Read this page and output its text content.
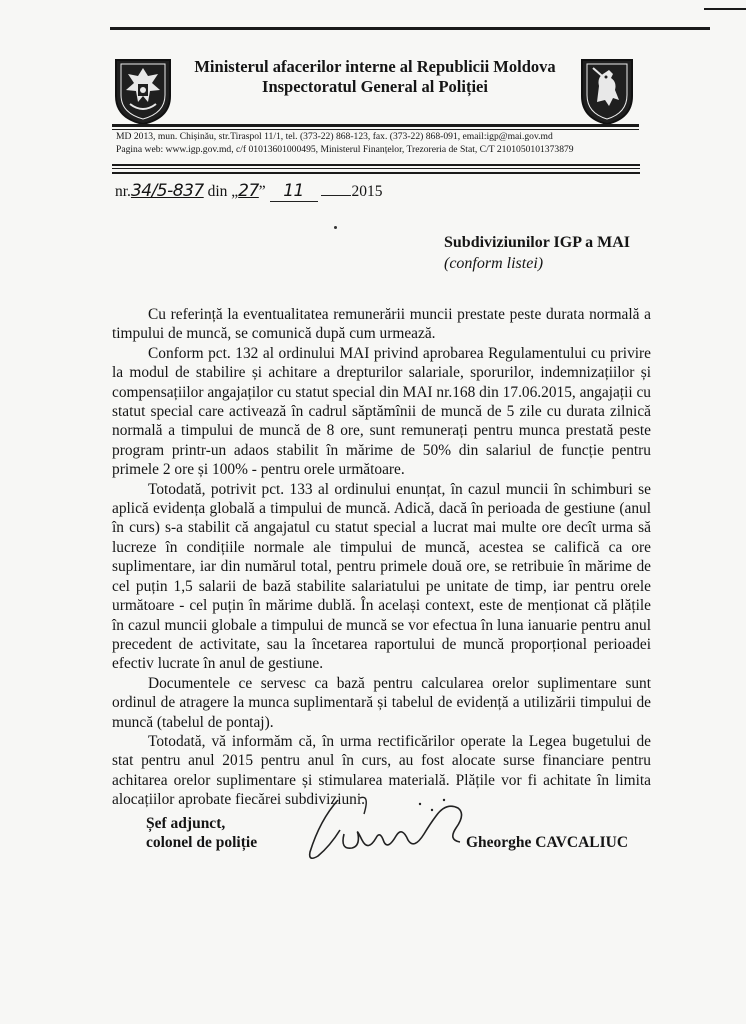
Ministerul afacerilor interne al Republicii Moldova
Inspectoratul General al Poliției
MD 2013, mun. Chișinău, str.Tiraspol 11/1, tel. (373-22) 868-123, fax. (373-22) 868-091, email:igp@mai.gov.md
Pagina web: www.igp.gov.md, c/f 01013601000495, Ministerul Finanțelor, Trezoreria de Stat, C/T 2101050101373879
nr.34/5-837 din „27” 11	2015
Subdiviziunilor IGP a MAI
(conform listei)

Cu referință la eventualitatea remunerării muncii prestate peste durata normală a timpului de muncă, se comunică după cum urmează.

Conform pct. 132 al ordinului MAI privind aprobarea Regulamentului cu privire la modul de stabilire și achitare a drepturilor salariale, sporurilor, indemnizațiilor și compensațiilor angajaților cu statut special din MAI nr.168 din 17.06.2015, angajații cu statut special care activează în cadrul săptămînii de muncă de 5 zile cu durata zilnică normală a timpului de muncă de 8 ore, sunt remunerați pentru munca prestată peste program printr-un adaos stabilit în mărime de 50% din salariul de funcție pentru primele 2 ore și 100% - pentru orele următoare.

Totodată, potrivit pct. 133 al ordinului enunțat, în cazul muncii în schimburi se aplică evidența globală a timpului de muncă. Adică, dacă în perioada de gestiune (anul în curs) s-a stabilit că angajatul cu statut special a lucrat mai multe ore decît urma să lucreze în condițiile normale ale timpului de muncă, acestea se califică ca ore suplimentare, iar din numărul total, pentru primele două ore, se retribuie în mărime de cel puțin 1,5 salarii de bază stabilite salariatului pe unitate de timp, iar pentru orele următoare - cel puțin în mărime dublă. În același context, este de menționat că plățile în cazul muncii globale a timpului de muncă se vor efectua în luna ianuarie pentru anul precedent de activitate, sau la încetarea raportului de muncă proporțional perioadei efectiv lucrate în anul de gestiune.

Documentele ce servesc ca bază pentru calcularea orelor suplimentare sunt ordinul de atragere la munca suplimentară și tabelul de evidență a utilizării timpului de muncă (tabelul de pontaj).

Totodată, vă informăm că, în urma rectificărilor operate la Legea bugetului de stat pentru anul 2015 pentru anul în curs, au fost alocate surse financiare pentru achitarea orelor suplimentare și stimularea materială. Plățile vor fi achitate în limita alocațiilor aprobate fiecărei subdiviziuni.

Șef adjunct,
colonel de poliție	Gheorghe CAVCALIUC
